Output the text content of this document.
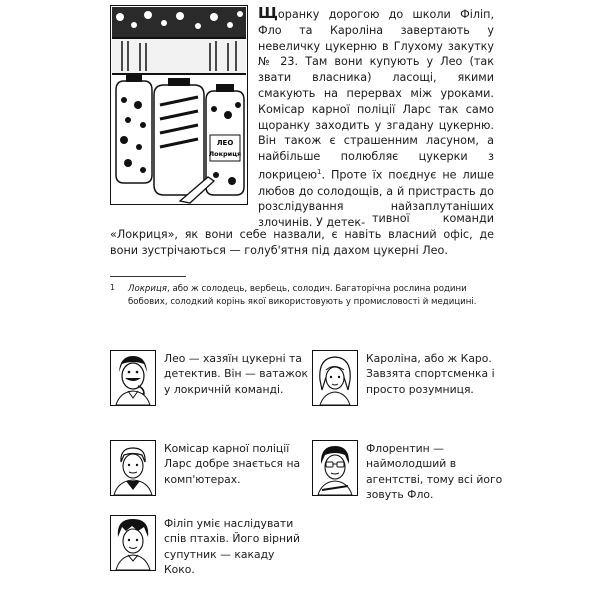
ЛЕО
Локриця

Щоранку дорогою до школи Філіп, Фло та Кароліна завертають у невеличку цукерню в Глухому закутку № 23. Там вони купують у Лео (так звати власника) ласощі, якими смакують на перервах між уроками. Комісар карної поліції Ларс так само щоранку заходить у згадану цукерню. Він також є страшенним ласуном, а найбільше полюбляє цукерки з локрицею$^1$. Проте їх поєднує не лише любов до солодощів, а й пристрасть до розслідування найзаплутаніших злочинів. У детек- тивної команди «Локриця», як вони себе назвали, є навіть власний офіс, де вони зустрічаються — голуб'ятня під дахом цукерні Лео.

1 Локриця, або ж солодець, вербець, солодич. Багаторічна рослина родини
бобових, солодкий корінь якої використовують у промисловості й медицині.

Лео — хазяїн цукерні та детектив. Він — ватажок у локричній команді.

Кароліна, або ж Каро. Завзята спортсменка і просто розумниця.

Комісар карної поліції Ларс добре знається на комп'ютерах.

Флорентин — наймолодший в агентстві, тому всі його зовуть Фло.

Філіп уміє наслідувати спів птахів. Його вірний супутник — какаду Коко.
